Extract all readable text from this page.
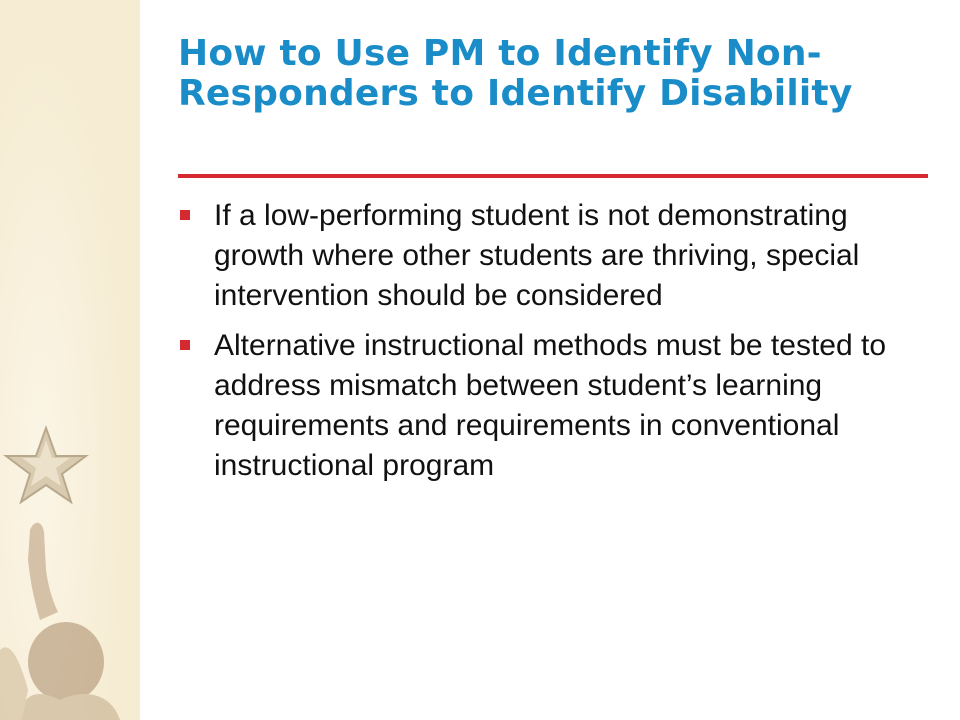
How to Use PM to Identify Non-Responders to Identify Disability
If a low-performing student is not demonstrating growth where other students are thriving, special intervention should be considered
Alternative instructional methods must be tested to address mismatch between student’s learning requirements and requirements in conventional instructional program
